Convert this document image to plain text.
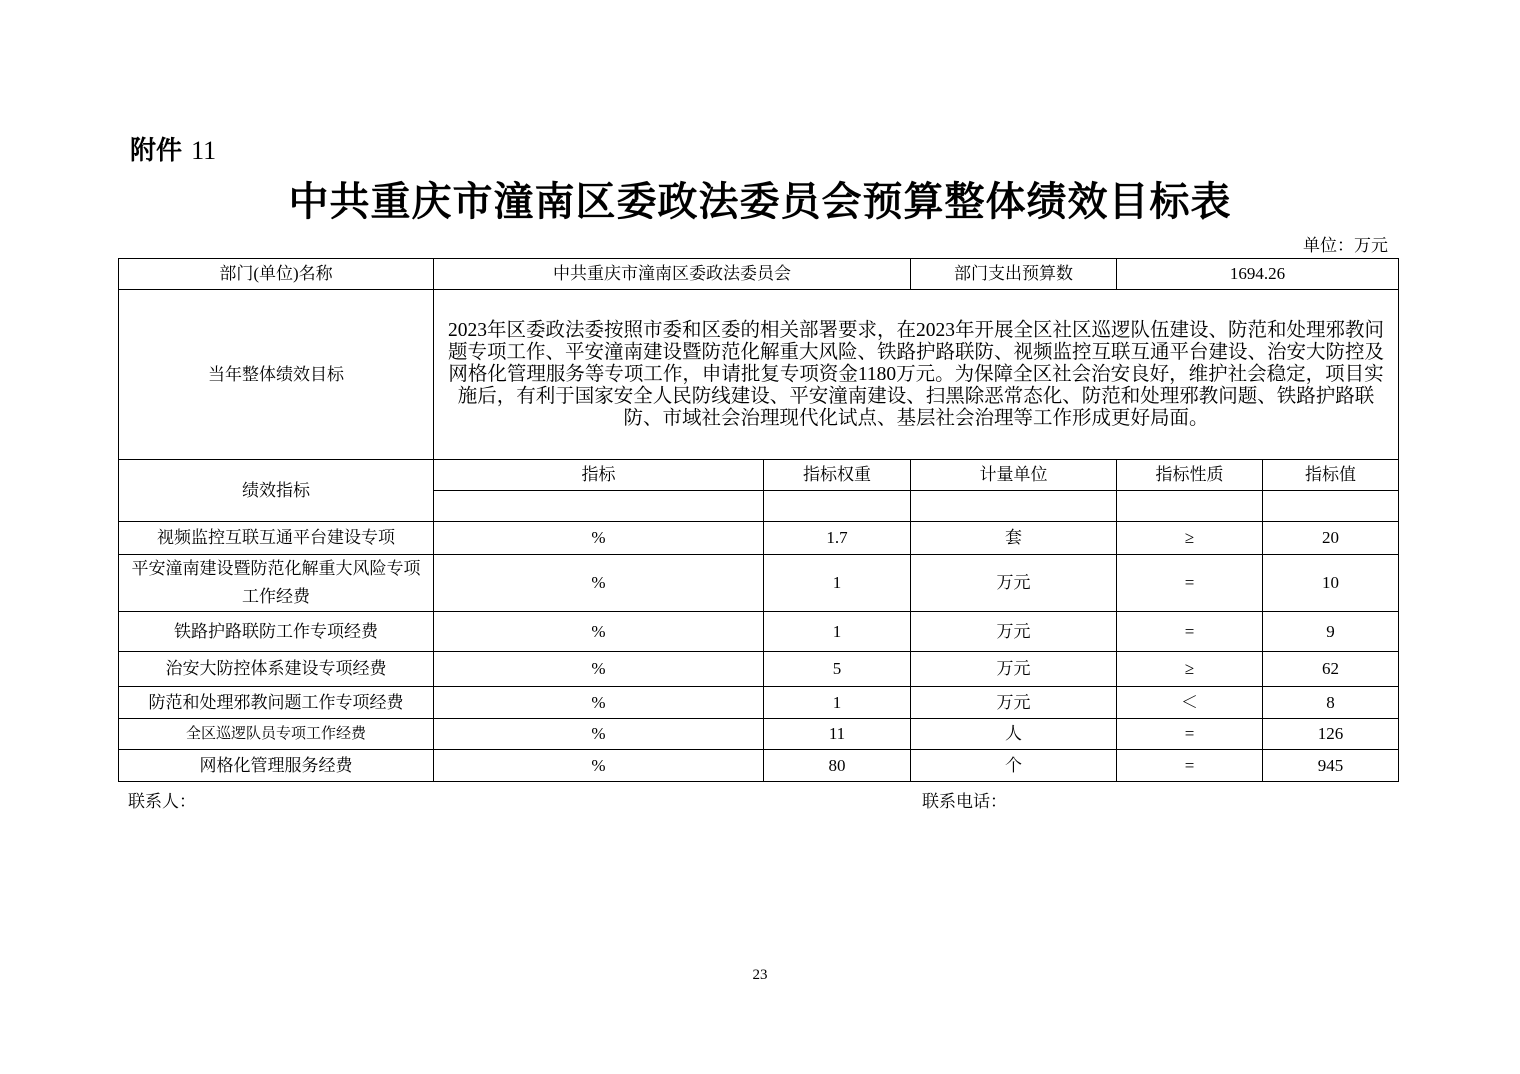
附件 11
中共重庆市潼南区委政法委员会预算整体绩效目标表
单位：万元
部门(单位)名称	中共重庆市潼南区委政法委员会		部门支出预算数	1694.26	
当年整体绩效目标	2023年区委政法委按照市委和区委的相关部署要求，在2023年开展全区社区巡逻队伍建设、防范和处理邪教问题专项工作、平安潼南建设暨防范化解重大风险、铁路护路联防、视频监控互联互通平台建设、治安大防控及网格化管理服务等专项工作，申请批复专项资金1180万元。为保障全区社会治安良好，维护社会稳定，项目实施后，有利于国家安全人民防线建设、平安潼南建设、扫黑除恶常态化、防范和处理邪教问题、铁路护路联防、市域社会治理现代化试点、基层社会治理等工作形成更好局面。				
绩效指标	指标	指标权重	计量单位	指标性质	指标值

视频监控互联互通平台建设专项	%	1.7	套	≥	20
平安潼南建设暨防范化解重大风险专项工作经费	%	1	万元	=	10
铁路护路联防工作专项经费	%	1	万元	=	9
治安大防控体系建设专项经费	%	5	万元	≥	62
防范和处理邪教问题工作专项经费	%	1	万元	＜	8
全区巡逻队员专项工作经费	%	11	人	=	126
网格化管理服务经费	%	80	个	=	945
联系人：	联系电话：
23
